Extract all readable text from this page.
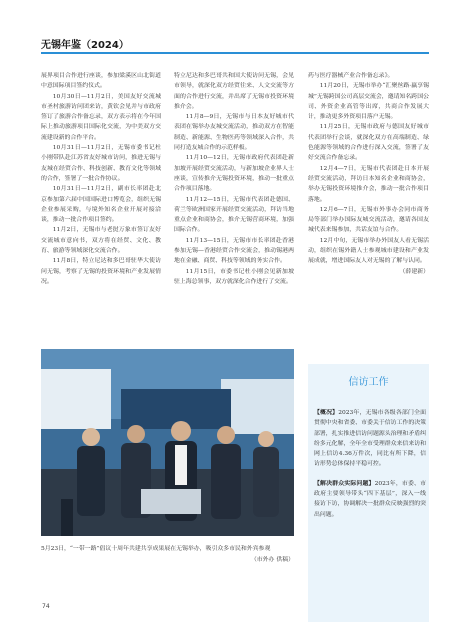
无锡年鉴（2024）

展界项目合作进行座谈，参加梁溪区山北街道中意国际项目签约仪式。

10月30日—11月2日，美国友好交流城市圣村旅游访问团来访，黄钦会见并与市政府签订了旅游合作备忘录，双方表示将在今年国际上推动旅游项目国际化交流，为中美双方交流建设新的合作平台。

10月31日—11月2日，无锡市委书记杜小刚带队赴江苏省友好城市访问，推进无锡与友城在经贸合作、科技创新、教育文化等领域的合作，签署了一批合作协议。

10月31日—11月2日，副市长率团赴北京参加第六届中国国际进口博览会，组织无锡企业参展采购，与境外知名企业开展对接洽谈，推动一批合作项目签约。

11月2日，无锡市与老挝万象市签订友好交流城市意向书，双方将在经贸、文化、教育、旅游等领域深化交流合作。

11月8日，特立尼达和多巴哥驻华大使访问无锡，考察了无锡的投资环境和产业发展情况。

特立尼达和多巴哥共和国大使访问无锡，会见市领导，就深化双方经贸往来、人文交流等方面的合作进行交流，并出席了无锡市投资环境推介会。

11月8—9日，无锡市与日本友好城市代表团在锡举办友城交流活动，推动双方在智能制造、新能源、生物医药等领域深入合作，共同打造友城合作的示范样板。

11月10—12日，无锡市政府代表团赴新加坡开展经贸交流活动，与新加坡企业界人士座谈，宣传推介无锡投资环境，推动一批重点合作项目落地。

11月12—15日，无锡市代表团赴德国、荷兰等欧洲国家开展经贸交流活动，拜访当地重点企业和商协会，推介无锡营商环境，加强国际合作。

11月13—15日，无锡市市长率团赴香港参加无锡—香港经贸合作交流会，推动锡港两地在金融、商贸、科技等领域的务实合作。

11月15日，市委书记杜小刚会见新加坡驻上海总领事，双方就深化合作进行了交流。

药与医疗器械产业合作备忘录》。

11月20日，无锡市举办“汇聚丝路·赢享锡城”无锡跨国公司高层交流会，邀请知名跨国公司、外资企业高管等出席，共商合作发展大计，推动更多外资项目落户无锡。

11月25日，无锡市政府与德国友好城市代表团举行会谈，就深化双方在高端制造、绿色能源等领域的合作进行深入交流，签署了友好交流合作备忘录。

12月4—7日，无锡市代表团赴日本开展经贸交流活动，拜访日本知名企业和商协会，举办无锡投资环境推介会，推动一批合作项目落地。

12月6—7日，无锡市外事办会同市商务局等部门举办国际友城交流活动，邀请各国友城代表来锡参加，共话友谊与合作。

12月中旬，无锡市举办外国友人看无锡活动，组织在锡外籍人士参观城市建设和产业发展成就，增进国际友人对无锡的了解与认同。

（薛建新）

5月23日，“一带一路”倡议十周年共建共享成果展在无锡举办，吸引众多市民和外宾参观
（市外办 供稿）
信访工作

【概况】2023年，无锡市各级各部门全面贯彻中央和省委、市委关于信访工作的决策部署，扎实推进信访问题源头治理和矛盾纠纷多元化解，全年全市受理群众来信来访和网上信访4.36万件次，同比有所下降，信访形势总体保持平稳可控。

【解决群众实际问题】2023年，市委、市政府主要领导带头“四下基层”，深入一线接访下访，协调解决一批群众反映强烈的突出问题。

74
